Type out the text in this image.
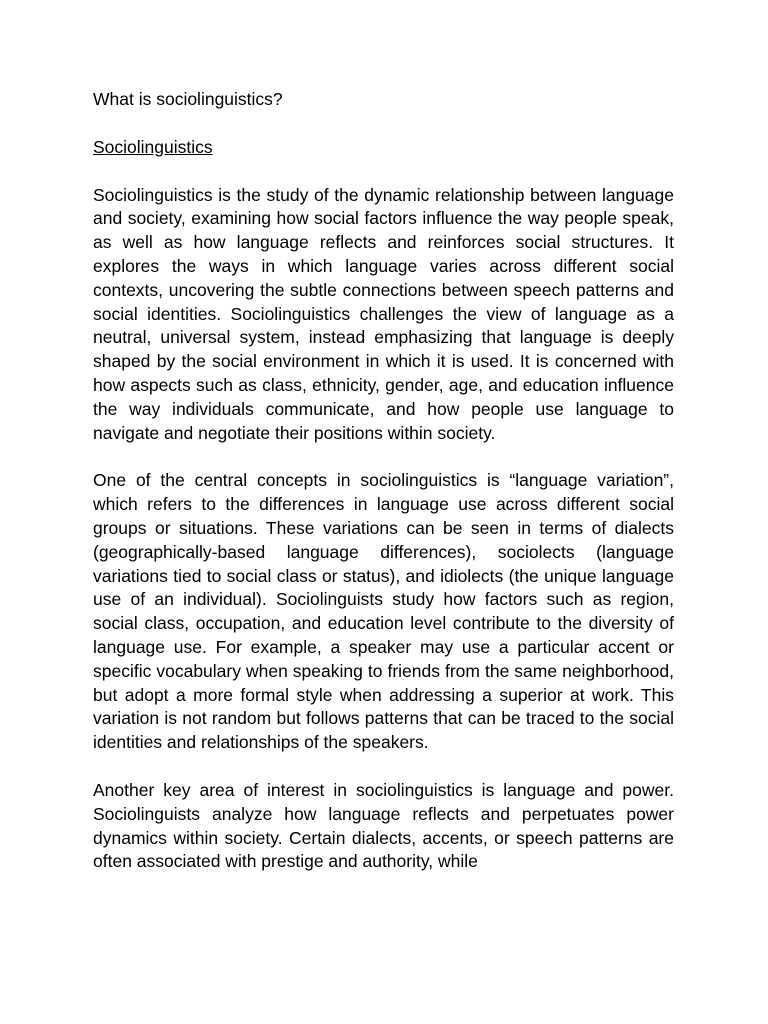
What is sociolinguistics?

Sociolinguistics

Sociolinguistics is the study of the dynamic relationship between language and society, examining how social factors influence the way people speak, as well as how language reflects and reinforces social structures. It explores the ways in which language varies across different social contexts, uncovering the subtle connections between speech patterns and social identities. Sociolinguistics challenges the view of language as a neutral, universal system, instead emphasizing that language is deeply shaped by the social environment in which it is used. It is concerned with how aspects such as class, ethnicity, gender, age, and education influence the way individuals communicate, and how people use language to navigate and negotiate their positions within society.

One of the central concepts in sociolinguistics is “language variation”, which refers to the differences in language use across different social groups or situations. These variations can be seen in terms of dialects (geographically-based language differences), sociolects (language variations tied to social class or status), and idiolects (the unique language use of an individual). Sociolinguists study how factors such as region, social class, occupation, and education level contribute to the diversity of language use. For example, a speaker may use a particular accent or specific vocabulary when speaking to friends from the same neighborhood, but adopt a more formal style when addressing a superior at work. This variation is not random but follows patterns that can be traced to the social identities and relationships of the speakers.

Another key area of interest in sociolinguistics is language and power. Sociolinguists analyze how language reflects and perpetuates power dynamics within society. Certain dialects, accents, or speech patterns are often associated with prestige and authority, while
